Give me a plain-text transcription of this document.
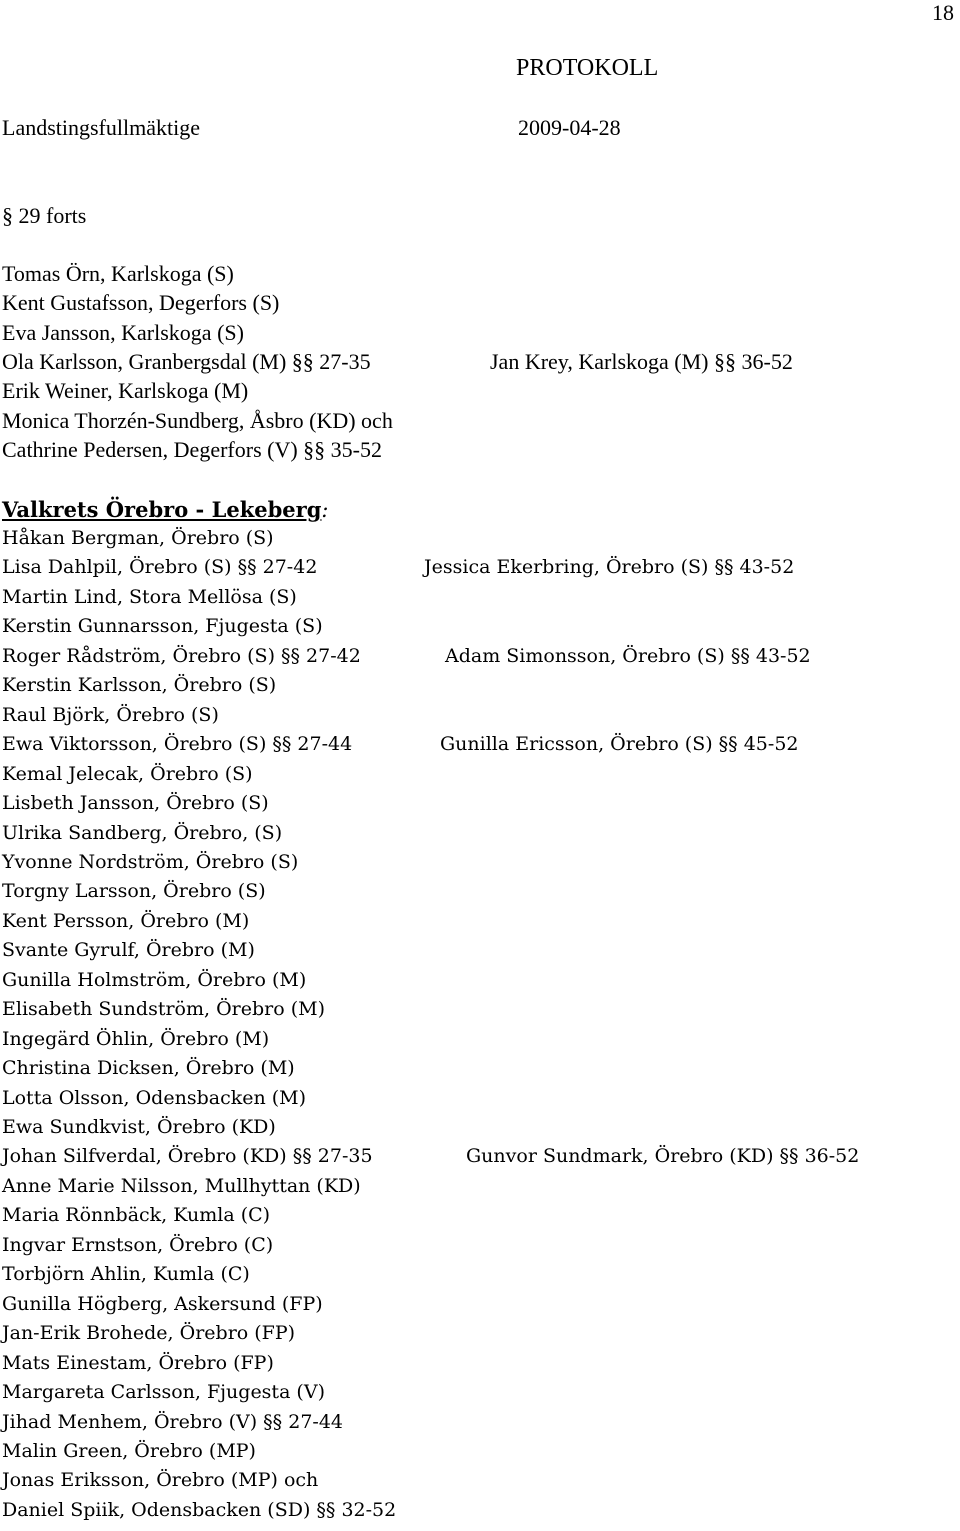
18
PROTOKOLL
Landstingsfullmäktige	2009-04-28
§ 29 forts
Tomas Örn, Karlskoga (S)
Kent Gustafsson, Degerfors (S)
Eva Jansson, Karlskoga (S)
Ola Karlsson, Granbergsdal (M) §§ 27-35	Jan Krey, Karlskoga (M) §§ 36-52
Erik Weiner, Karlskoga (M)
Monica Thorzén-Sundberg, Åsbro (KD) och
Cathrine Pedersen, Degerfors (V) §§ 35-52
Valkrets Örebro - Lekeberg:
Håkan Bergman, Örebro (S)
Lisa Dahlpil, Örebro (S) §§ 27-42	Jessica Ekerbring, Örebro (S) §§ 43-52
Martin Lind, Stora Mellösa (S)
Kerstin Gunnarsson, Fjugesta (S)
Roger Rådström, Örebro (S) §§ 27-42	Adam Simonsson, Örebro (S) §§ 43-52
Kerstin Karlsson, Örebro (S)
Raul Björk, Örebro (S)
Ewa Viktorsson, Örebro (S) §§ 27-44	Gunilla Ericsson, Örebro (S) §§ 45-52
Kemal Jelecak, Örebro (S)
Lisbeth Jansson, Örebro (S)
Ulrika Sandberg, Örebro, (S)
Yvonne Nordström, Örebro (S)
Torgny Larsson, Örebro (S)
Kent Persson, Örebro (M)
Svante Gyrulf, Örebro (M)
Gunilla Holmström, Örebro (M)
Elisabeth Sundström, Örebro (M)
Ingegärd Öhlin, Örebro (M)
Christina Dicksen, Örebro (M)
Lotta Olsson, Odensbacken (M)
Ewa Sundkvist, Örebro (KD)
Johan Silfverdal, Örebro (KD) §§ 27-35	Gunvor Sundmark, Örebro (KD) §§ 36-52
Anne Marie Nilsson, Mullhyttan (KD)
Maria Rönnbäck, Kumla (C)
Ingvar Ernstson, Örebro (C)
Torbjörn Ahlin, Kumla (C)
Gunilla Högberg, Askersund (FP)
Jan-Erik Brohede, Örebro (FP)
Mats Einestam, Örebro (FP)
Margareta Carlsson, Fjugesta (V)
Jihad Menhem, Örebro (V) §§ 27-44
Malin Green, Örebro (MP)
Jonas Eriksson, Örebro (MP) och
Daniel Spiik, Odensbacken (SD) §§ 32-52
